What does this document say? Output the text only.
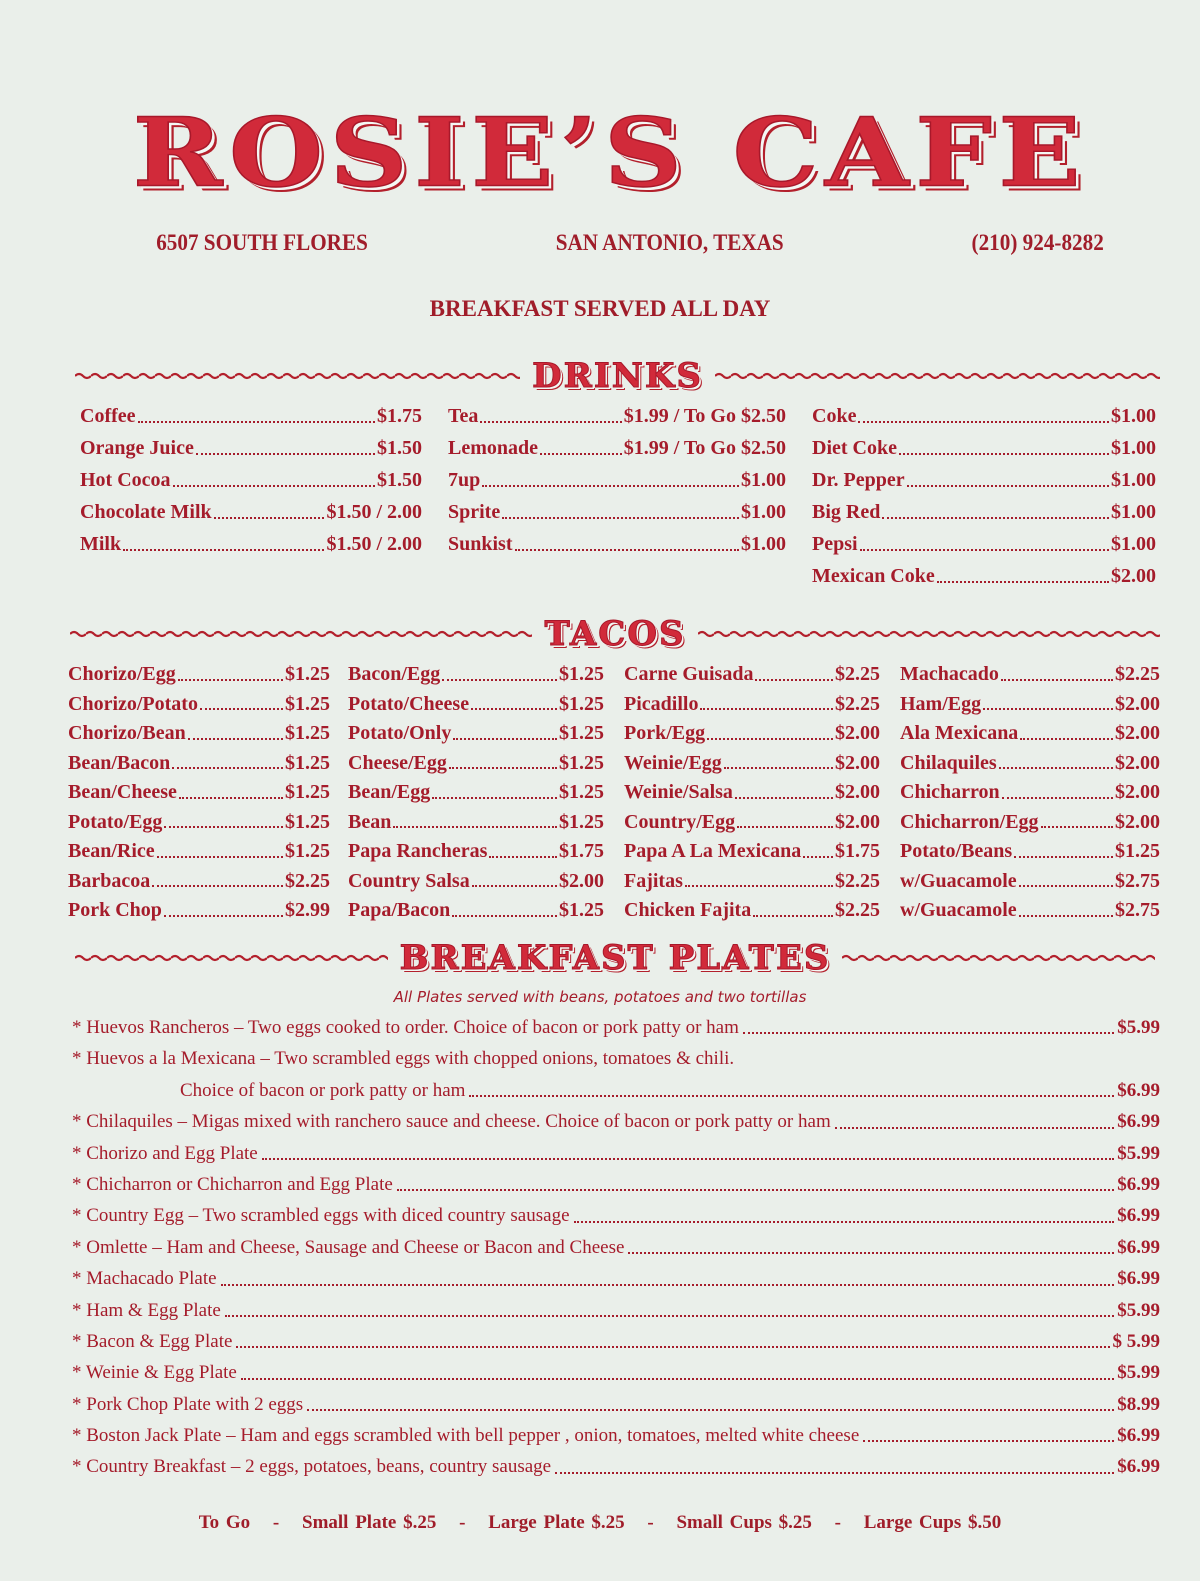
ROSIE’S CAFE
6507 SOUTH FLORES	SAN ANTONIO, TEXAS	(210) 924-8282
BREAKFAST SERVED ALL DAY
DRINKS
Coffee	$1.75
Orange Juice	$1.50
Hot Cocoa	$1.50
Chocolate Milk	$1.50 / 2.00
Milk	$1.50 / 2.00
Tea	$1.99 / To Go $2.50
Lemonade	$1.99 / To Go $2.50
7up	$1.00
Sprite	$1.00
Sunkist	$1.00
Coke	$1.00
Diet Coke	$1.00
Dr. Pepper	$1.00
Big Red	$1.00
Pepsi	$1.00
Mexican Coke	$2.00
TACOS
Chorizo/Egg	$1.25
Chorizo/Potato	$1.25
Chorizo/Bean	$1.25
Bean/Bacon	$1.25
Bean/Cheese	$1.25
Potato/Egg	$1.25
Bean/Rice	$1.25
Barbacoa	$2.25
Pork Chop	$2.99
Bacon/Egg	$1.25
Potato/Cheese	$1.25
Potato/Only	$1.25
Cheese/Egg	$1.25
Bean/Egg	$1.25
Bean	$1.25
Papa Rancheras	$1.75
Country Salsa	$2.00
Papa/Bacon	$1.25
Carne Guisada	$2.25
Picadillo	$2.25
Pork/Egg	$2.00
Weinie/Egg	$2.00
Weinie/Salsa	$2.00
Country/Egg	$2.00
Papa A La Mexicana $1.75
Fajitas	$2.25
Chicken Fajita	$2.25
Machacado	$2.25
Ham/Egg	$2.00
Ala Mexicana	$2.00
Chilaquiles	$2.00
Chicharron	$2.00
Chicharron/Egg	$2.00
Potato/Beans	$1.25
w/Guacamole	$2.75
w/Guacamole	$2.75
BREAKFAST PLATES
All Plates served with beans, potatoes and two tortillas
* Huevos Rancheros – Two eggs cooked to order. Choice of bacon or pork patty or ham	$5.99
* Huevos a la Mexicana – Two scrambled eggs with chopped onions, tomatoes & chili.
Choice of bacon or pork patty or ham	$6.99
* Chilaquiles – Migas mixed with ranchero sauce and cheese. Choice of bacon or pork patty or ham	$6.99
* Chorizo and Egg Plate	$5.99
* Chicharron or Chicharron and Egg Plate	$6.99
* Country Egg – Two scrambled eggs with diced country sausage	$6.99
* Omlette – Ham and Cheese, Sausage and Cheese or Bacon and Cheese	$6.99
* Machacado Plate	$6.99
* Ham & Egg Plate	$5.99
* Bacon & Egg Plate	$ 5.99
* Weinie & Egg Plate	$5.99
* Pork Chop Plate with 2 eggs	$8.99
* Boston Jack Plate – Ham and eggs scrambled with bell pepper , onion, tomatoes, melted white cheese	$6.99
* Country Breakfast – 2 eggs, potatoes, beans, country sausage	$6.99
To Go - Small Plate $.25 - Large Plate $.25 - Small Cups $.25 - Large Cups $.50
